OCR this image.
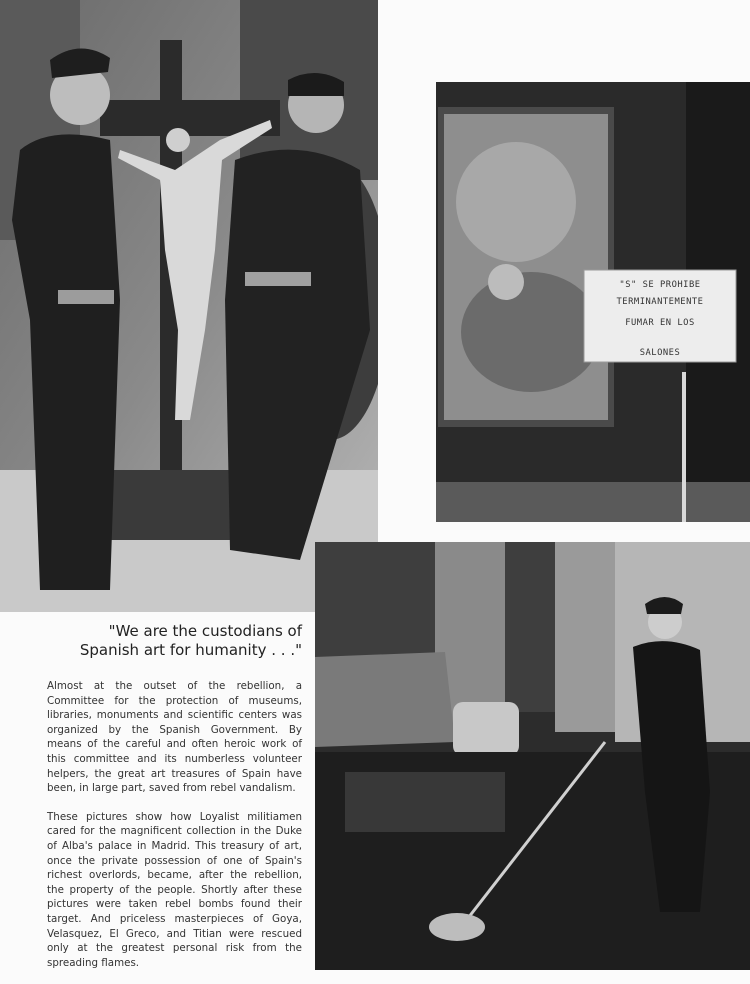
"S" SE PROHIBE
TERMINANTEMENTE
FUMAR EN LOS
SALONES
"We are the custodians of
Spanish art for humanity . . ."

Almost at the outset of the rebellion, a Committee for the protection of museums, libraries, monuments and scientific centers was organized by the Spanish Government. By means of the careful and often heroic work of this committee and its numberless volunteer helpers, the great art treasures of Spain have been, in large part, saved from rebel vandalism.

These pictures show how Loyalist militiamen cared for the magnificent collection in the Duke of Alba's palace in Madrid. This treasury of art, once the private possession of one of Spain's richest overlords, became, after the rebellion, the property of the people. Shortly after these pictures were taken rebel bombs found their target. And priceless masterpieces of Goya, Velasquez, El Greco, and Titian were rescued only at the greatest personal risk from the spreading flames.
